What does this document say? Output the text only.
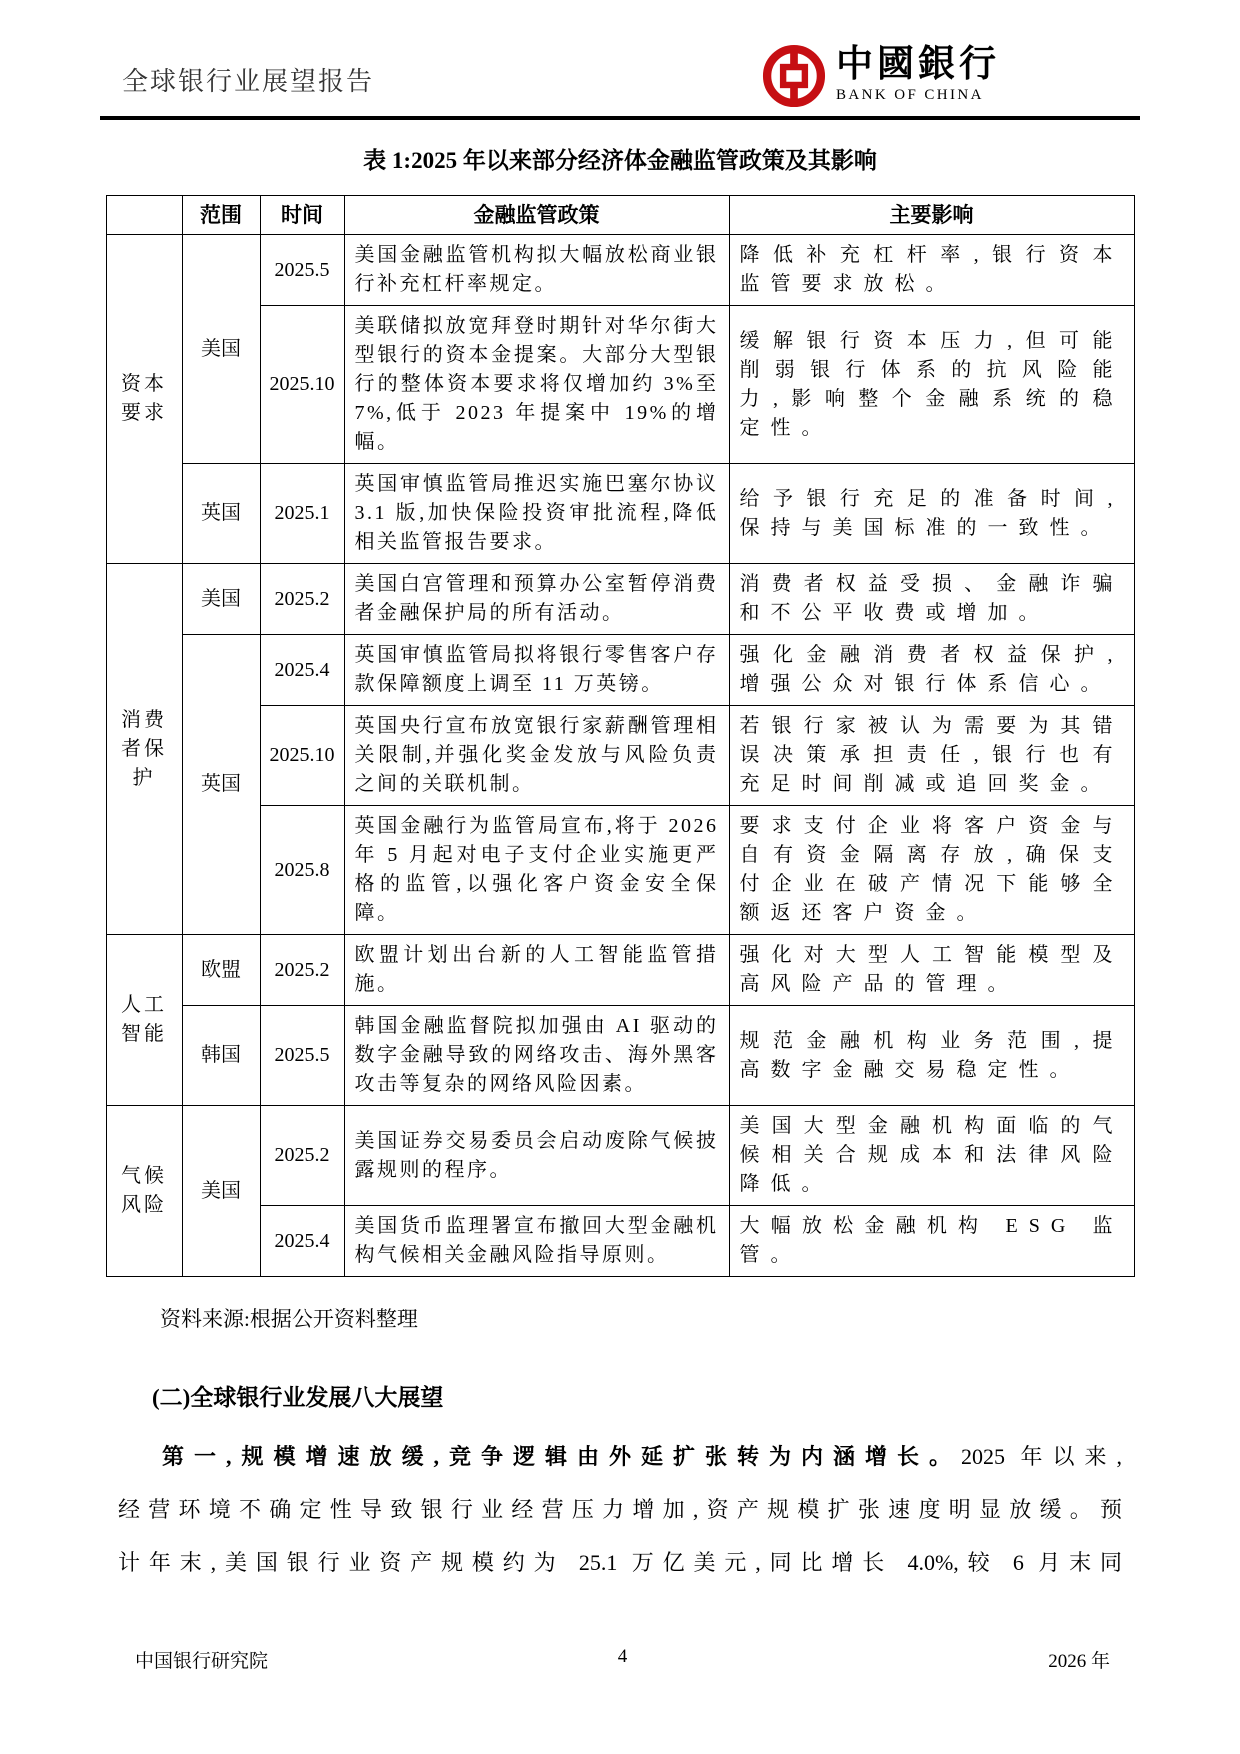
全球银行业展望报告	中國銀行
BANK OF CHINA
表 1:2025 年以来部分经济体金融监管政策及其影响
	范围	时间	金融监管政策	主要影响
资本要求	美国	2025.5	美国金融监管机构拟大幅放松商业银行补充杠杆率规定。	降低补充杠杆率,银行资本监管要求放松。
		2025.10	美联储拟放宽拜登时期针对华尔街大型银行的资本金提案。大部分大型银行的整体资本要求将仅增加约 3%至 7%,低于 2023 年提案中 19%的增幅。	缓解银行资本压力,但可能削弱银行体系的抗风险能力,影响整个金融系统的稳定性。
	英国	2025.1	英国审慎监管局推迟实施巴塞尔协议 3.1 版,加快保险投资审批流程,降低相关监管报告要求。	给予银行充足的准备时间,保持与美国标准的一致性。
消费者保护	美国	2025.2	美国白宫管理和预算办公室暂停消费者金融保护局的所有活动。	消费者权益受损、金融诈骗和不公平收费或增加。
	英国	2025.4	英国审慎监管局拟将银行零售客户存款保障额度上调至 11 万英镑。	强化金融消费者权益保护,增强公众对银行体系信心。
		2025.10	英国央行宣布放宽银行家薪酬管理相关限制,并强化奖金发放与风险负责之间的关联机制。	若银行家被认为需要为其错误决策承担责任,银行也有充足时间削减或追回奖金。
		2025.8	英国金融行为监管局宣布,将于 2026 年 5 月起对电子支付企业实施更严格的监管,以强化客户资金安全保障。	要求支付企业将客户资金与自有资金隔离存放,确保支付企业在破产情况下能够全额返还客户资金。
人工智能	欧盟	2025.2	欧盟计划出台新的人工智能监管措施。	强化对大型人工智能模型及高风险产品的管理。
	韩国	2025.5	韩国金融监督院拟加强由 AI 驱动的数字金融导致的网络攻击、海外黑客攻击等复杂的网络风险因素。	规范金融机构业务范围,提高数字金融交易稳定性。
气候风险	美国	2025.2	美国证券交易委员会启动废除气候披露规则的程序。	美国大型金融机构面临的气候相关合规成本和法律风险降低。
		2025.4	美国货币监理署宣布撤回大型金融机构气候相关金融风险指导原则。	大幅放松金融机构 ESG 监管。
资料来源:根据公开资料整理
(二)全球银行业发展八大展望
第一,规模增速放缓,竞争逻辑由外延扩张转为内涵增长。2025 年以来,
经营环境不确定性导致银行业经营压力增加,资产规模扩张速度明显放缓。预
计年末,美国银行业资产规模约为 25.1 万亿美元,同比增长 4.0%,较 6 月末同
中国银行研究院	4	2026 年
